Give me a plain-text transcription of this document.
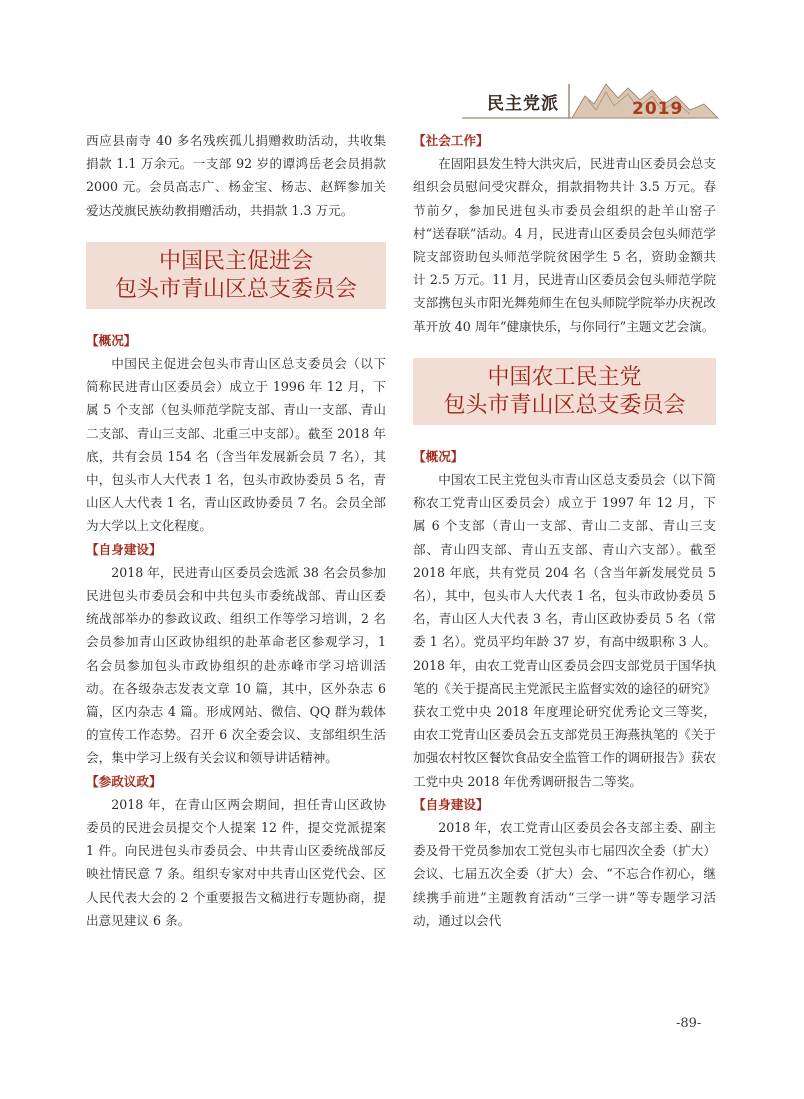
民主党派	2019

西应县南寺 40 多名残疾孤儿捐赠救助活动，共收集捐款 1.1 万余元。一支部 92 岁的谭鸿岳老会员捐款 2000 元。会员高志广、杨金宝、杨志、赵辉参加关爱达茂旗民族幼教捐赠活动，共捐款 1.3 万元。

中国民主促进会
包头市青山区总支委员会
【概况】

中国民主促进会包头市青山区总支委员会（以下简称民进青山区委员会）成立于 1996 年 12 月，下属 5 个支部（包头师范学院支部、青山一支部、青山二支部、青山三支部、北重三中支部）。截至 2018 年底，共有会员 154 名（含当年发展新会员 7 名），其中，包头市人大代表 1 名，包头市政协委员 5 名，青山区人大代表 1 名，青山区政协委员 7 名。会员全部为大学以上文化程度。

【自身建设】

2018 年，民进青山区委员会选派 38 名会员参加民进包头市委员会和中共包头市委统战部、青山区委统战部举办的参政议政、组织工作等学习培训，2 名会员参加青山区政协组织的赴革命老区参观学习，1 名会员参加包头市政协组织的赴赤峰市学习培训活动。在各级杂志发表文章 10 篇，其中，区外杂志 6 篇，区内杂志 4 篇。形成网站、微信、QQ 群为载体的宣传工作态势。召开 6 次全委会议、支部组织生活会，集中学习上级有关会议和领导讲话精神。

【参政议政】

2018 年，在青山区两会期间，担任青山区政协委员的民进会员提交个人提案 12 件，提交党派提案 1 件。向民进包头市委员会、中共青山区委统战部反映社情民意 7 条。组织专家对中共青山区党代会、区人民代表大会的 2 个重要报告文稿进行专题协商，提出意见建议 6 条。

【社会工作】

在固阳县发生特大洪灾后，民进青山区委员会总支组织会员慰问受灾群众，捐款捐物共计 3.5 万元。春节前夕，参加民进包头市委员会组织的赴羊山窑子村“送春联”活动。4 月，民进青山区委员会包头师范学院支部资助包头师范学院贫困学生 5 名，资助金额共计 2.5 万元。11 月，民进青山区委员会包头师范学院支部携包头市阳光舞苑师生在包头师院学院举办庆祝改革开放 40 周年“健康快乐，与你同行”主题文艺会演。

中国农工民主党
包头市青山区总支委员会
【概况】

中国农工民主党包头市青山区总支委员会（以下简称农工党青山区委员会）成立于 1997 年 12 月，下属 6 个支部（青山一支部、青山二支部、青山三支部、青山四支部、青山五支部、青山六支部）。截至 2018 年底，共有党员 204 名（含当年新发展党员 5 名），其中，包头市人大代表 1 名，包头市政协委员 5 名，青山区人大代表 3 名，青山区政协委员 5 名（常委 1 名）。党员平均年龄 37 岁，有高中级职称 3 人。2018 年，由农工党青山区委员会四支部党员于国华执笔的《关于提高民主党派民主监督实效的途径的研究》获农工党中央 2018 年度理论研究优秀论文三等奖，由农工党青山区委员会五支部党员王海燕执笔的《关于加强农村牧区餐饮食品安全监管工作的调研报告》获农工党中央 2018 年优秀调研报告二等奖。

【自身建设】

2018 年，农工党青山区委员会各支部主委、副主委及骨干党员参加农工党包头市七届四次全委（扩大）会议、七届五次全委（扩大）会、“不忘合作初心，继续携手前进”主题教育活动“三学一讲”等专题学习活动，通过以会代

-89-
